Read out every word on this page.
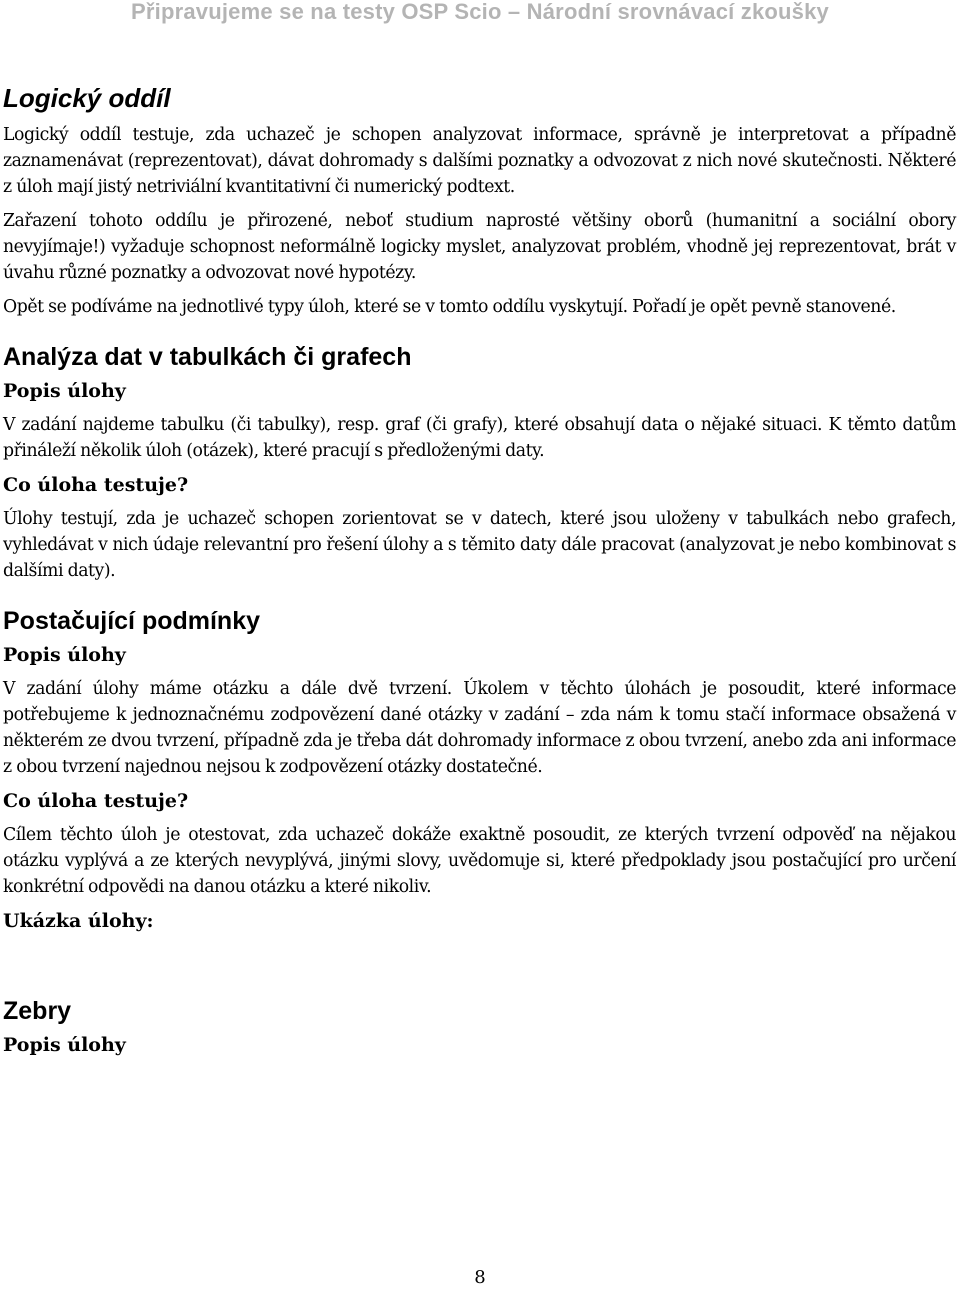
Připravujeme se na testy OSP Scio – Národní srovnávací zkoušky
Logický oddíl

Logický oddíl testuje, zda uchazeč je schopen analyzovat informace, správně je interpretovat a případně zaznamenávat (reprezentovat), dávat dohromady s dalšími poznatky a odvozovat z nich nové skutečnosti. Některé z úloh mají jistý netriviální kvantitativní či numerický podtext.

Zařazení tohoto oddílu je přirozené, neboť studium naprosté většiny oborů (humanitní a sociální obory nevyjímaje!) vyžaduje schopnost neformálně logicky myslet, analyzovat problém, vhodně jej reprezentovat, brát v úvahu různé poznatky a odvozovat nové hypotézy.

Opět se podíváme na jednotlivé typy úloh, které se v tomto oddílu vyskytují. Pořadí je opět pevně stanovené.

Analýza dat v tabulkách či grafech
Popis úlohy

V zadání najdeme tabulku (či tabulky), resp. graf (či grafy), které obsahují data o nějaké situaci. K těmto datům přináleží několik úloh (otázek), které pracují s předloženými daty.

Co úloha testuje?

Úlohy testují, zda je uchazeč schopen zorientovat se v datech, které jsou uloženy v tabulkách nebo grafech, vyhledávat v nich údaje relevantní pro řešení úlohy a s těmito daty dále pracovat (analyzovat je nebo kombinovat s dalšími daty).

Postačující podmínky
Popis úlohy

V zadání úlohy máme otázku a dále dvě tvrzení. Úkolem v těchto úlohách je posoudit, které informace potřebujeme k jednoznačnému zodpovězení dané otázky v zadání – zda nám k tomu stačí informace obsažená v některém ze dvou tvrzení, případně zda je třeba dát dohromady informace z obou tvrzení, anebo zda ani informace z obou tvrzení najednou nejsou k zodpovězení otázky dostatečné.

Co úloha testuje?

Cílem těchto úloh je otestovat, zda uchazeč dokáže exaktně posoudit, ze kterých tvrzení odpověď na nějakou otázku vyplývá a ze kterých nevyplývá, jinými slovy, uvědomuje si, které předpoklady jsou postačující pro určení konkrétní odpovědi na danou otázku a které nikoliv.

Ukázka úlohy:
Zebry
Popis úlohy
8
